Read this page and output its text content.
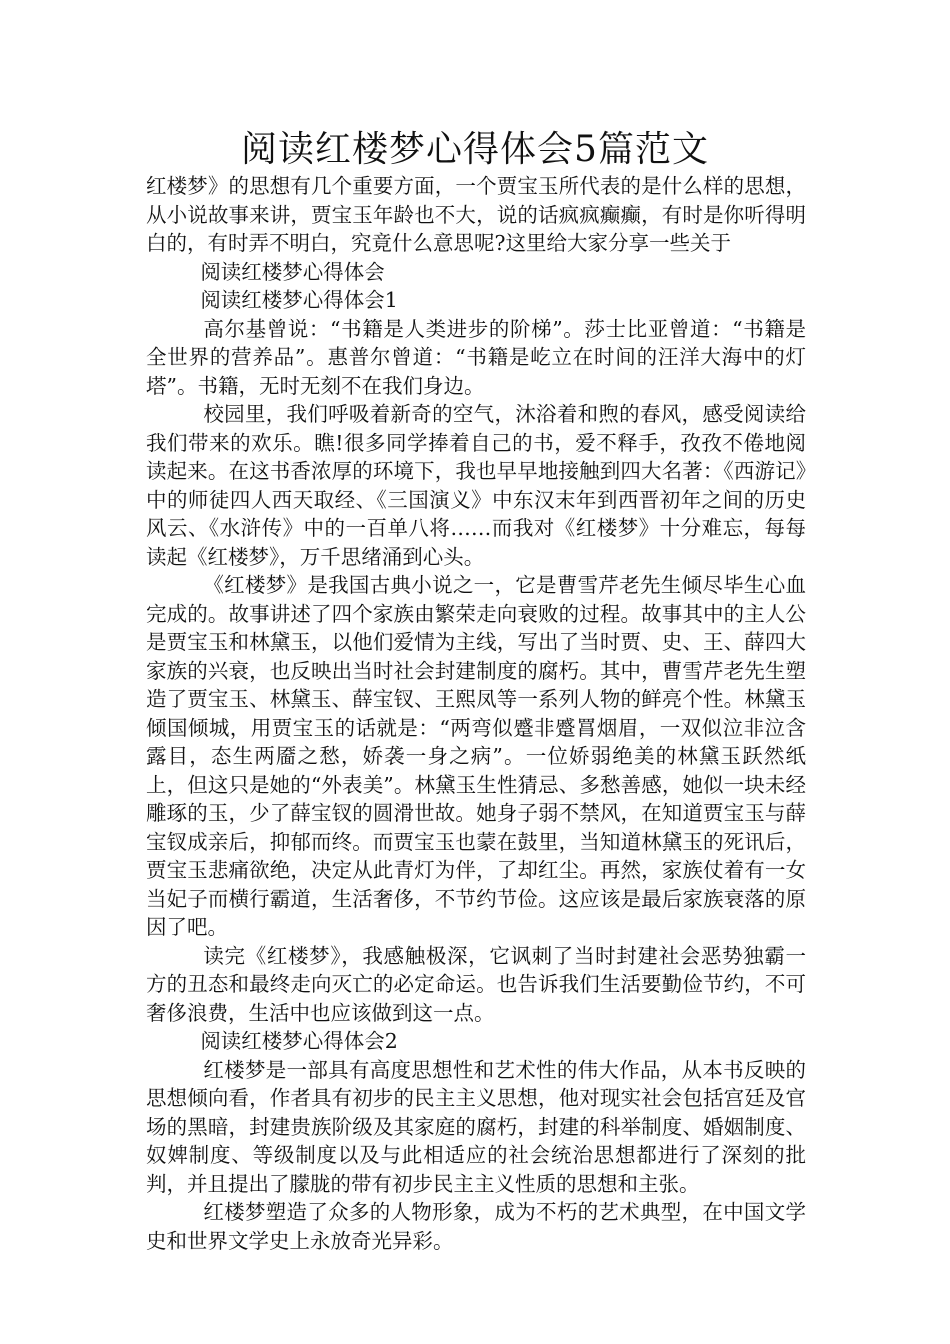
阅读红楼梦心得体会5篇范文

红楼梦》的思想有几个重要方面，一个贾宝玉所代表的是什么样的思想，从小说故事来讲，贾宝玉年龄也不大，说的话疯疯癫癫，有时是你听得明白的，有时弄不明白，究竟什么意思呢?这里给大家分享一些关于

阅读红楼梦心得体会

阅读红楼梦心得体会1

高尔基曾说：“书籍是人类进步的阶梯”。莎士比亚曾道：“书籍是全世界的营养品”。惠普尔曾道：“书籍是屹立在时间的汪洋大海中的灯塔”。书籍，无时无刻不在我们身边。

校园里，我们呼吸着新奇的空气，沐浴着和煦的春风，感受阅读给我们带来的欢乐。瞧!很多同学捧着自己的书，爱不释手，孜孜不倦地阅读起来。在这书香浓厚的环境下，我也早早地接触到四大名著：《西游记》中的师徒四人西天取经、《三国演义》中东汉末年到西晋初年之间的历史风云、《水浒传》中的一百单八将……而我对《红楼梦》十分难忘，每每读起《红楼梦》，万千思绪涌到心头。

《红楼梦》是我国古典小说之一，它是曹雪芹老先生倾尽毕生心血完成的。故事讲述了四个家族由繁荣走向衰败的过程。故事其中的主人公是贾宝玉和林黛玉，以他们爱情为主线，写出了当时贾、史、王、薛四大家族的兴衰，也反映出当时社会封建制度的腐朽。其中，曹雪芹老先生塑造了贾宝玉、林黛玉、薛宝钗、王熙凤等一系列人物的鲜亮个性。林黛玉倾国倾城，用贾宝玉的话就是：“两弯似蹙非蹙罥烟眉，一双似泣非泣含露目，态生两靥之愁，娇袭一身之病”。一位娇弱绝美的林黛玉跃然纸上，但这只是她的“外表美”。林黛玉生性猜忌、多愁善感，她似一块未经雕琢的玉，少了薛宝钗的圆滑世故。她身子弱不禁风，在知道贾宝玉与薛宝钗成亲后，抑郁而终。而贾宝玉也蒙在鼓里，当知道林黛玉的死讯后，贾宝玉悲痛欲绝，决定从此青灯为伴，了却红尘。再然，家族仗着有一女当妃子而横行霸道，生活奢侈，不节约节俭。这应该是最后家族衰落的原因了吧。

读完《红楼梦》，我感触极深，它讽刺了当时封建社会恶势独霸一方的丑态和最终走向灭亡的必定命运。也告诉我们生活要勤俭节约，不可奢侈浪费，生活中也应该做到这一点。

阅读红楼梦心得体会2

红楼梦是一部具有高度思想性和艺术性的伟大作品，从本书反映的思想倾向看，作者具有初步的民主主义思想，他对现实社会包括宫廷及官场的黑暗，封建贵族阶级及其家庭的腐朽，封建的科举制度、婚姻制度、奴婢制度、等级制度以及与此相适应的社会统治思想都进行了深刻的批判，并且提出了朦胧的带有初步民主主义性质的思想和主张。

红楼梦塑造了众多的人物形象，成为不朽的艺术典型，在中国文学史和世界文学史上永放奇光异彩。
